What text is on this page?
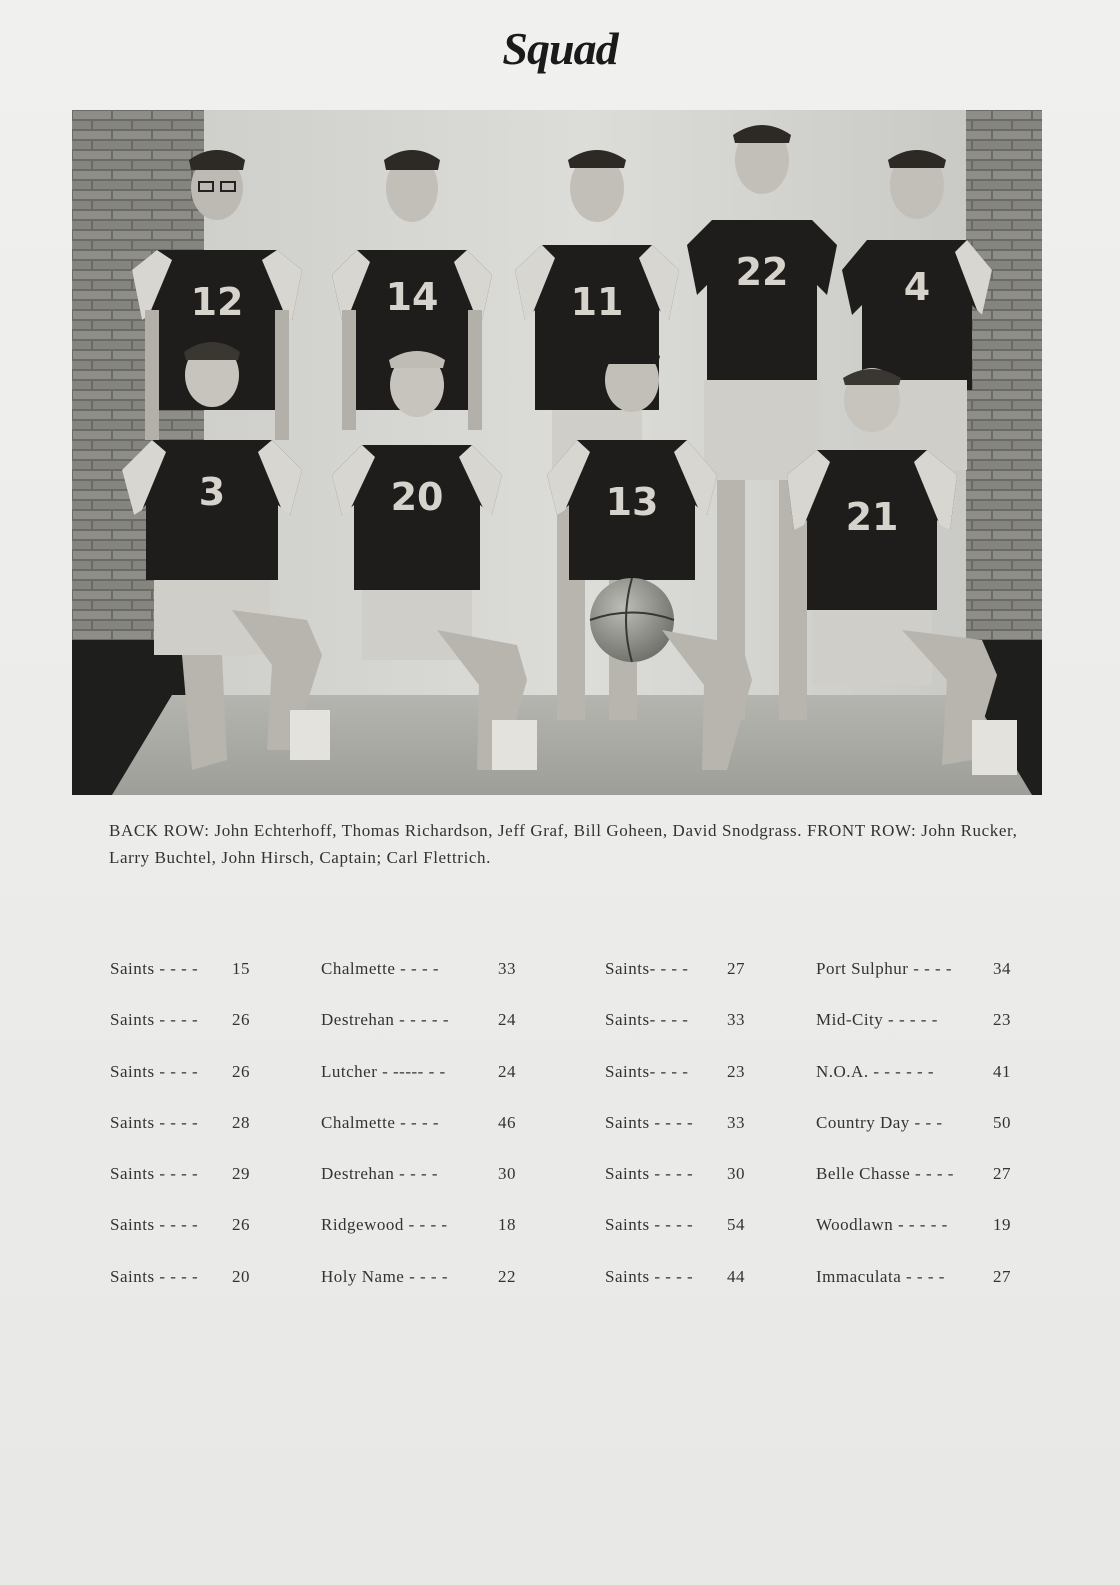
Squad
12	14	11
22	4
3	20	13	21
BACK ROW: John Echterhoff, Thomas Richardson, Jeff Graf, Bill Goheen, David Snodgrass. FRONT ROW: John Rucker, Larry Buchtel, John Hirsch, Captain; Carl Flettrich.
Saints - - - - 15	Chalmette - - - -	33	Saints- - - - 27	Port Sulphur - - - - 34
Saints - - - - 26	Destrehan - - - - -	24	Saints- - - - 33	Mid-City - - - - -	23
Saints - - - - 26	Lutcher - ----- - -	24	Saints- - - - 23	N.O.A. - - - - - -	41
Saints - - - - 28	Chalmette - - - -	46	Saints - - - - 33	Country Day - - -	50
Saints - - - - 29	Destrehan - - - -	30	Saints - - - - 30	Belle Chasse - - - - 27
Saints - - - - 26	Ridgewood - - - -	18	Saints - - - - 54	Woodlawn - - - - - 19
Saints - - - - 20	Holy Name - - - -	22	Saints - - - - 44	Immaculata - - - -	27
